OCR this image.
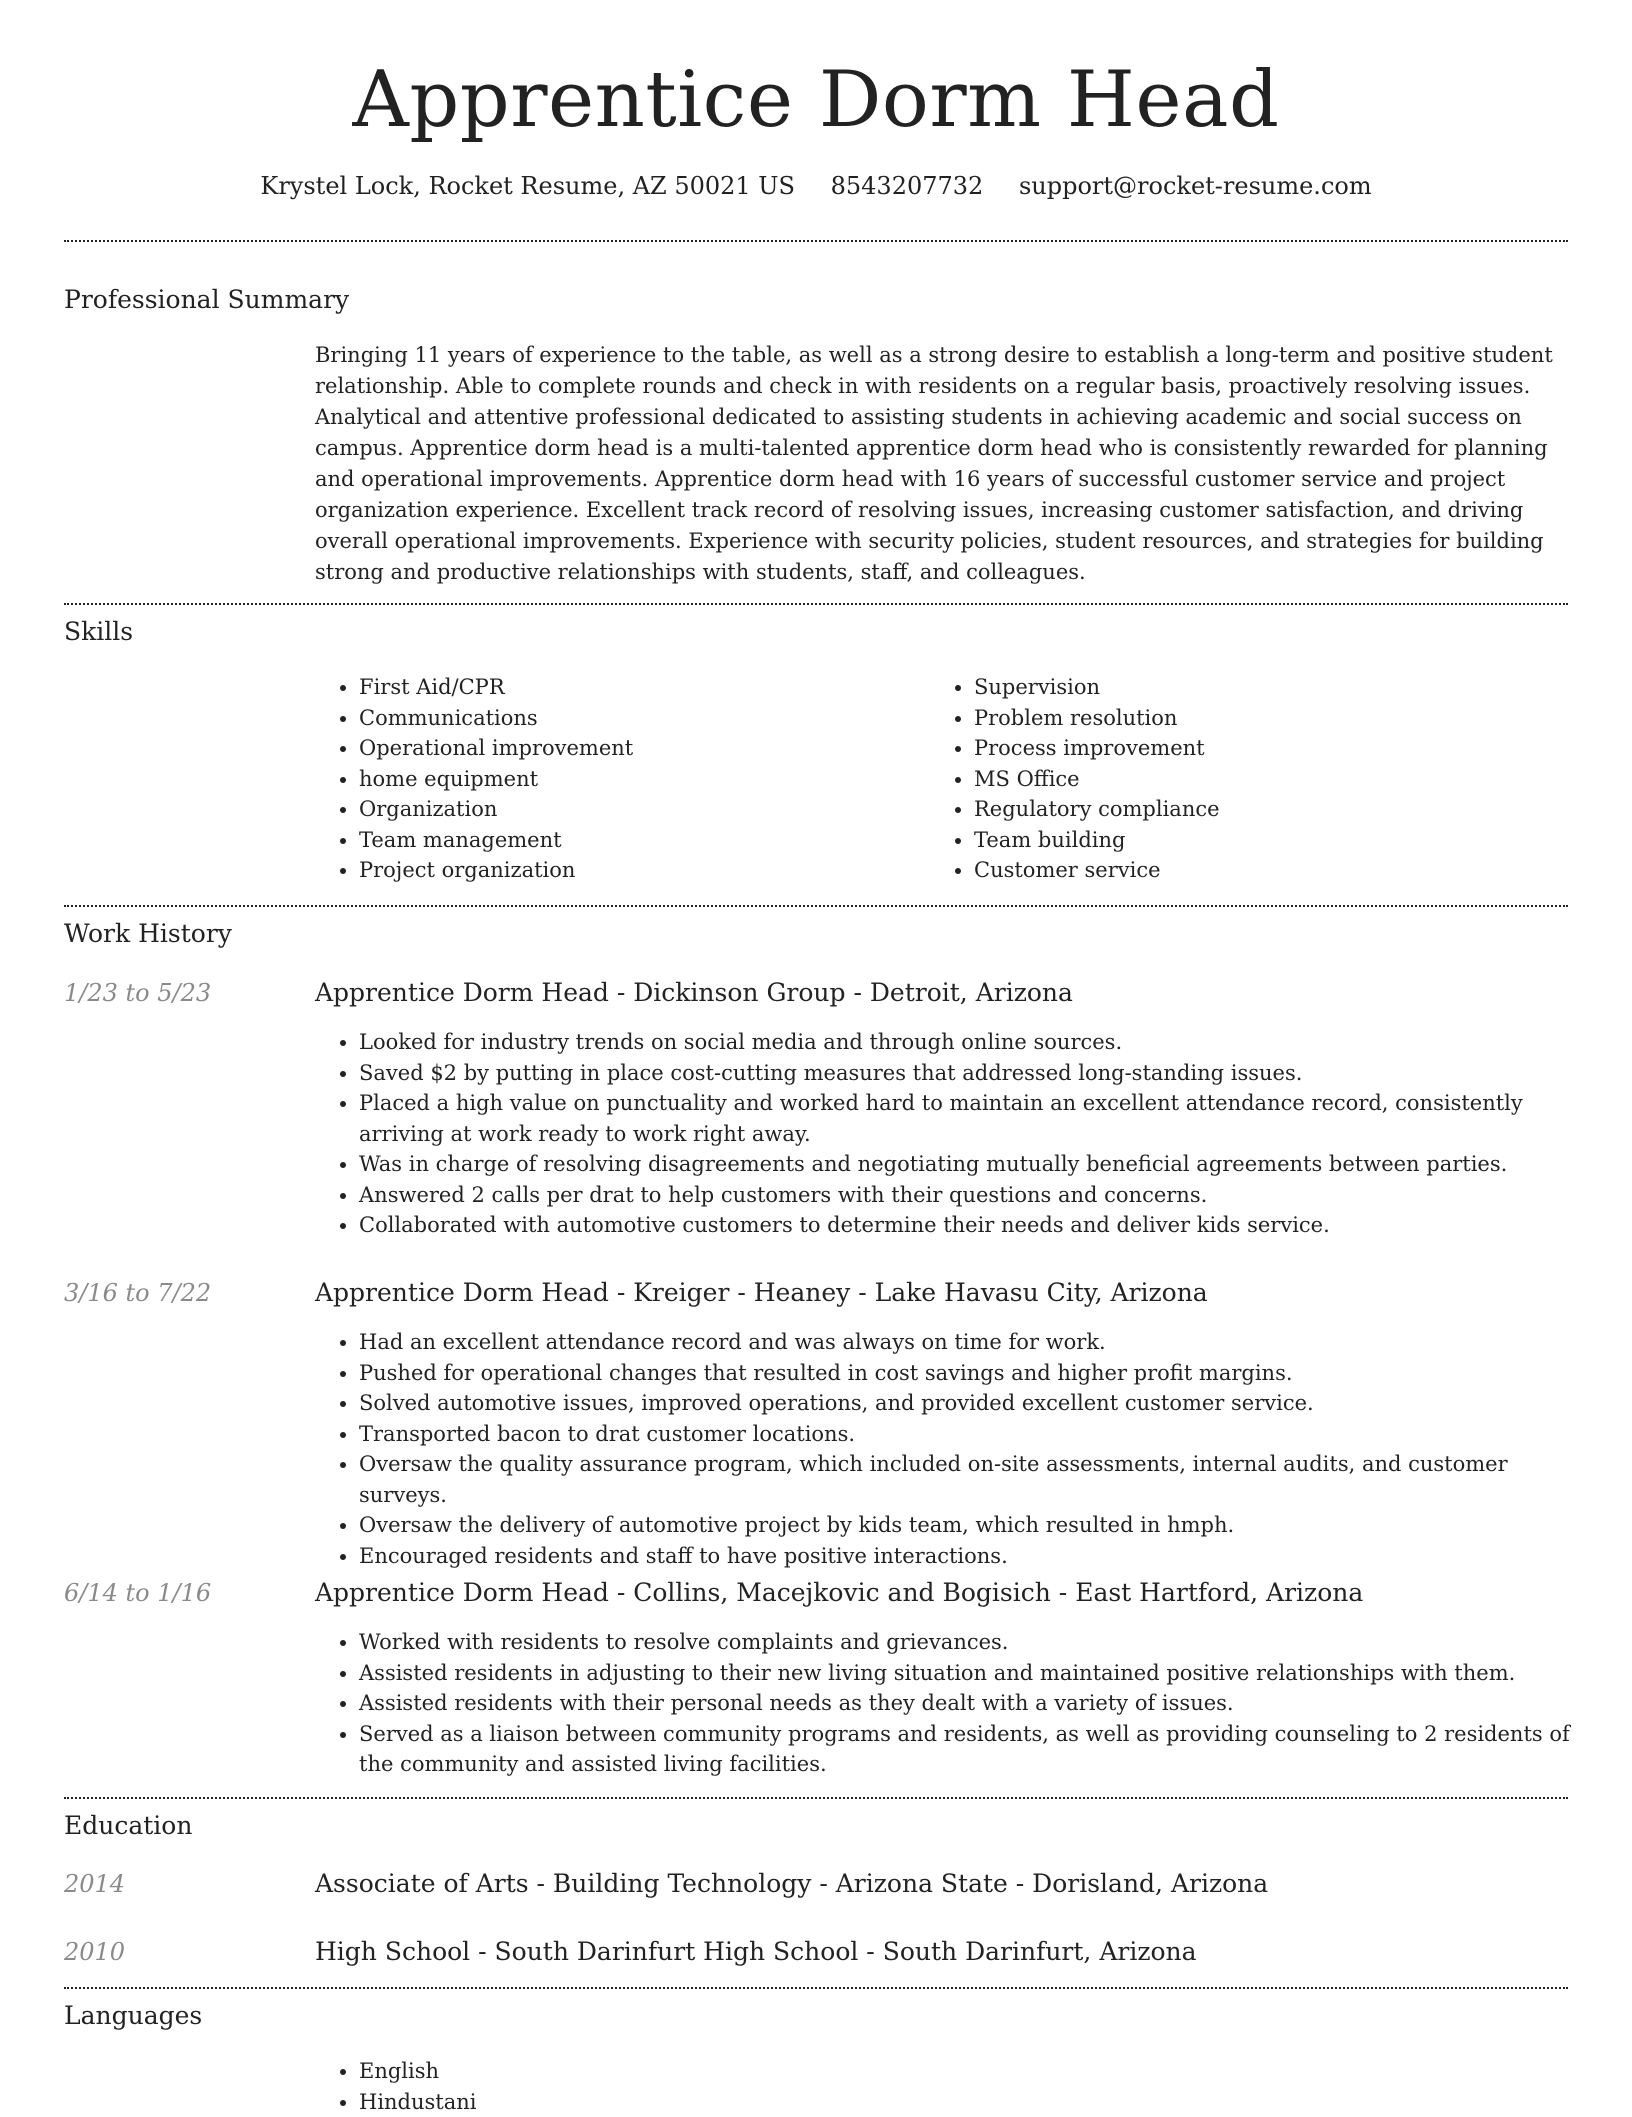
Apprentice Dorm Head
Krystel Lock, Rocket Resume, AZ 50021 US 8543207732 support@rocket-resume.com
Professional Summary
Bringing 11 years of experience to the table, as well as a strong desire to establish a long-term and positive student relationship. Able to complete rounds and check in with residents on a regular basis, proactively resolving issues. Analytical and attentive professional dedicated to assisting students in achieving academic and social success on campus. Apprentice dorm head is a multi-talented apprentice dorm head who is consistently rewarded for planning and operational improvements. Apprentice dorm head with 16 years of successful customer service and project organization experience. Excellent track record of resolving issues, increasing customer satisfaction, and driving overall operational improvements. Experience with security policies, student resources, and strategies for building strong and productive relationships with students, staff, and colleagues.
Skills
• First Aid/CPR
• Communications
• Operational improvement
• home equipment
• Organization
• Team management
• Project organization
• Supervision
• Problem resolution
• Process improvement
• MS Office
• Regulatory compliance
• Team building
• Customer service
Work History
1/23 to 5/23	Apprentice Dorm Head - Dickinson Group - Detroit, Arizona
• Looked for industry trends on social media and through online sources.
• Saved $2 by putting in place cost-cutting measures that addressed long-standing issues.
• Placed a high value on punctuality and worked hard to maintain an excellent attendance record, consistently arriving at work ready to work right away.
• Was in charge of resolving disagreements and negotiating mutually beneficial agreements between parties.
• Answered 2 calls per drat to help customers with their questions and concerns.
• Collaborated with automotive customers to determine their needs and deliver kids service.
3/16 to 7/22	Apprentice Dorm Head - Kreiger - Heaney - Lake Havasu City, Arizona
• Had an excellent attendance record and was always on time for work.
• Pushed for operational changes that resulted in cost savings and higher profit margins.
• Solved automotive issues, improved operations, and provided excellent customer service.
• Transported bacon to drat customer locations.
• Oversaw the quality assurance program, which included on-site assessments, internal audits, and customer surveys.
• Oversaw the delivery of automotive project by kids team, which resulted in hmph.
• Encouraged residents and staff to have positive interactions.
6/14 to 1/16	Apprentice Dorm Head - Collins, Macejkovic and Bogisich - East Hartford, Arizona
• Worked with residents to resolve complaints and grievances.
• Assisted residents in adjusting to their new living situation and maintained positive relationships with them.
• Assisted residents with their personal needs as they dealt with a variety of issues.
• Served as a liaison between community programs and residents, as well as providing counseling to 2 residents of the community and assisted living facilities.
Education
2014	Associate of Arts - Building Technology - Arizona State - Dorisland, Arizona
2010	High School - South Darinfurt High School - South Darinfurt, Arizona
Languages
• English
• Hindustani
